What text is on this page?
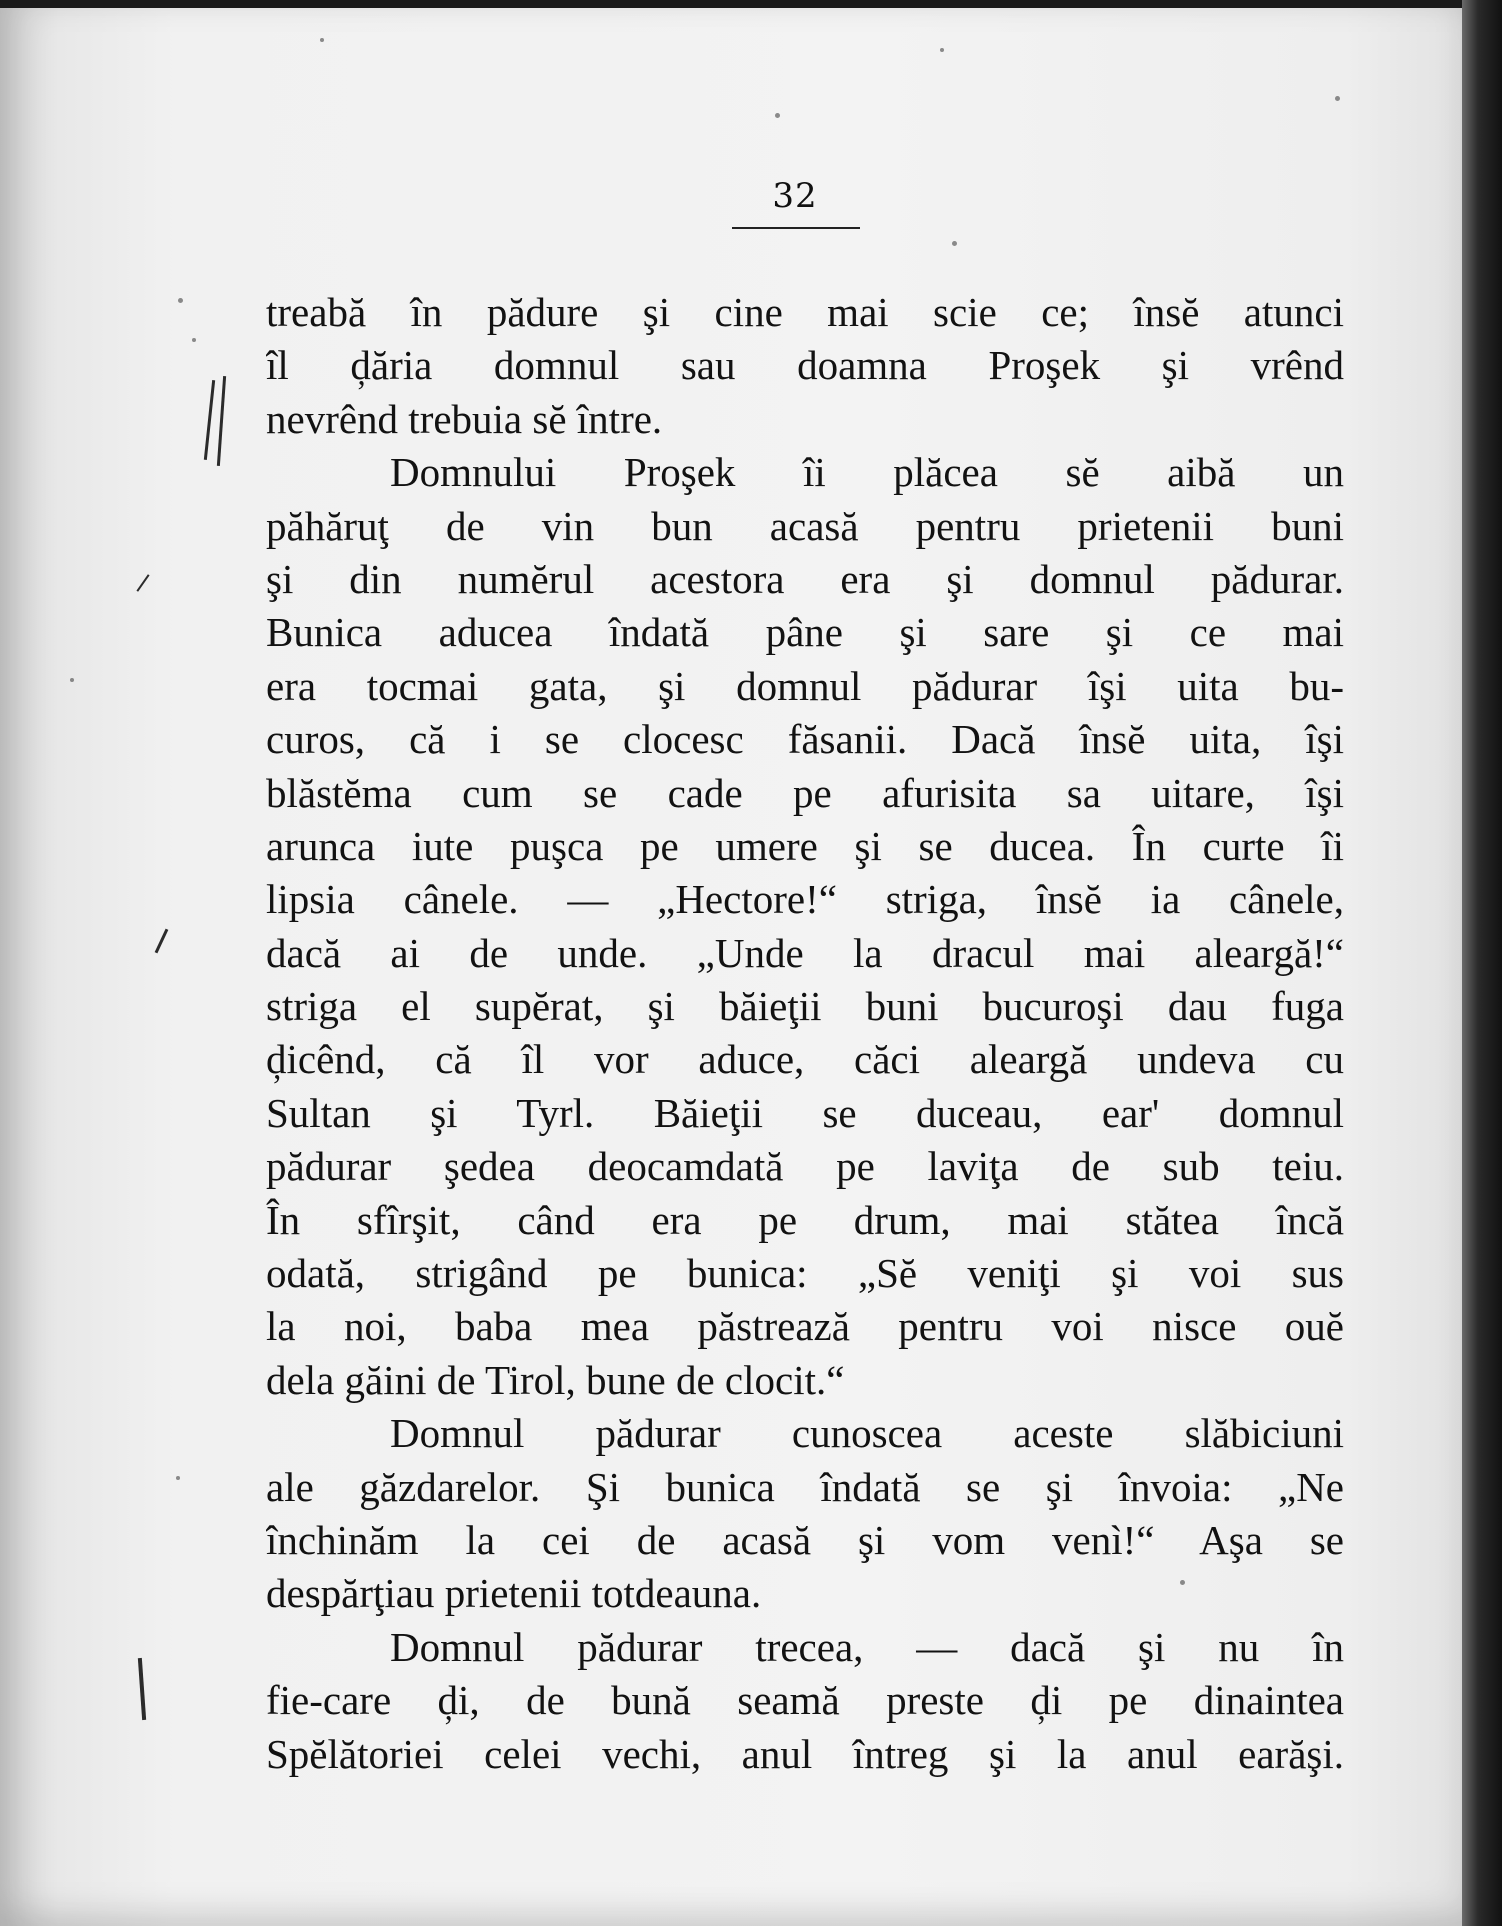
32
treabă în pădure şi cine mai scie ce; însĕ atunci
îl ḑăria domnul sau doamna Proşek şi vrênd
nevrênd trebuia sĕ între.
Domnului Proşek îi plăcea sĕ aibă un
păhăruţ de vin bun acasă pentru prietenii buni
şi din numĕrul acestora era şi domnul pădurar.
Bunica aducea îndată pâne şi sare şi ce mai
era tocmai gata, şi domnul pădurar îşi uita bu-
curos, că i se clocesc făsanii. Dacă însĕ uita, îşi
blăstĕma cum se cade pe afurisita sa uitare, îşi
arunca iute puşca pe umere şi se ducea. În curte îi
lipsia cânele. — „Hectore!“ striga, însĕ ia cânele,
dacă ai de unde. „Unde la dracul mai aleargă!“
striga el supĕrat, şi băieţii buni bucuroşi dau fuga
ḑicênd, că îl vor aduce, căci aleargă undeva cu
Sultan şi Tyrl. Băieţii se duceau, ear' domnul
pădurar şedea deocamdată pe laviţa de sub teiu.
În sfîrşit, când era pe drum, mai stătea încă
odată, strigând pe bunica: „Sĕ veniţi şi voi sus
la noi, baba mea păstrează pentru voi nisce ouĕ
dela găini de Tirol, bune de clocit.“
Domnul pădurar cunoscea aceste slăbiciuni
ale găzdarelor. Şi bunica îndată se şi învoia: „Ne
închinăm la cei de acasă şi vom venì!“ Aşa se
despărţiau prietenii totdeauna.
Domnul pădurar trecea, — dacă şi nu în
fie-care ḑi, de bună seamă preste ḑi pe dinaintea
Spĕlătoriei celei vechi, anul întreg şi la anul earăşi.
